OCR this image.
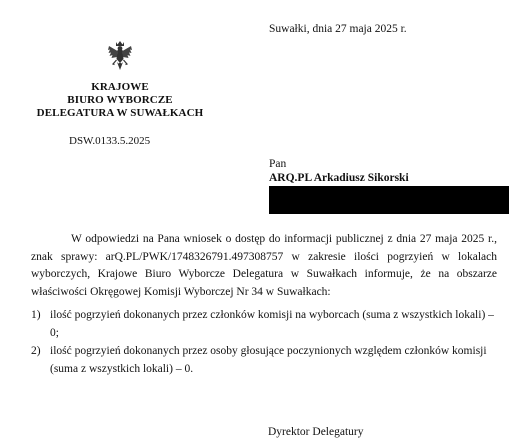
Suwałki, dnia 27 maja 2025 r.
KRAJOWE
BIURO WYBORCZE
DELEGATURA W SUWAŁKACH
DSW.0133.5.2025
Pan
ARQ.PL Arkadiusz Sikorski
W odpowiedzi na Pana wniosek o dostęp do informacji publicznej z dnia 27 maja 2025 r., znak sprawy: arQ.PL/PWK/1748326791.497308757 w zakresie ilości pogrzyień w lokalach wyborczych, Krajowe Biuro Wyborcze Delegatura w Suwałkach informuje, że na obszarze właściwości Okręgowej Komisji Wyborczej Nr 34 w Suwałkach:
1) ilość pogrzyień dokonanych przez członków komisji na wyborcach (suma z wszystkich lokali) – 0;
2) ilość pogrzyień dokonanych przez osoby głosujące poczynionych względem członków komisji (suma z wszystkich lokali) – 0.
Dyrektor Delegatury
